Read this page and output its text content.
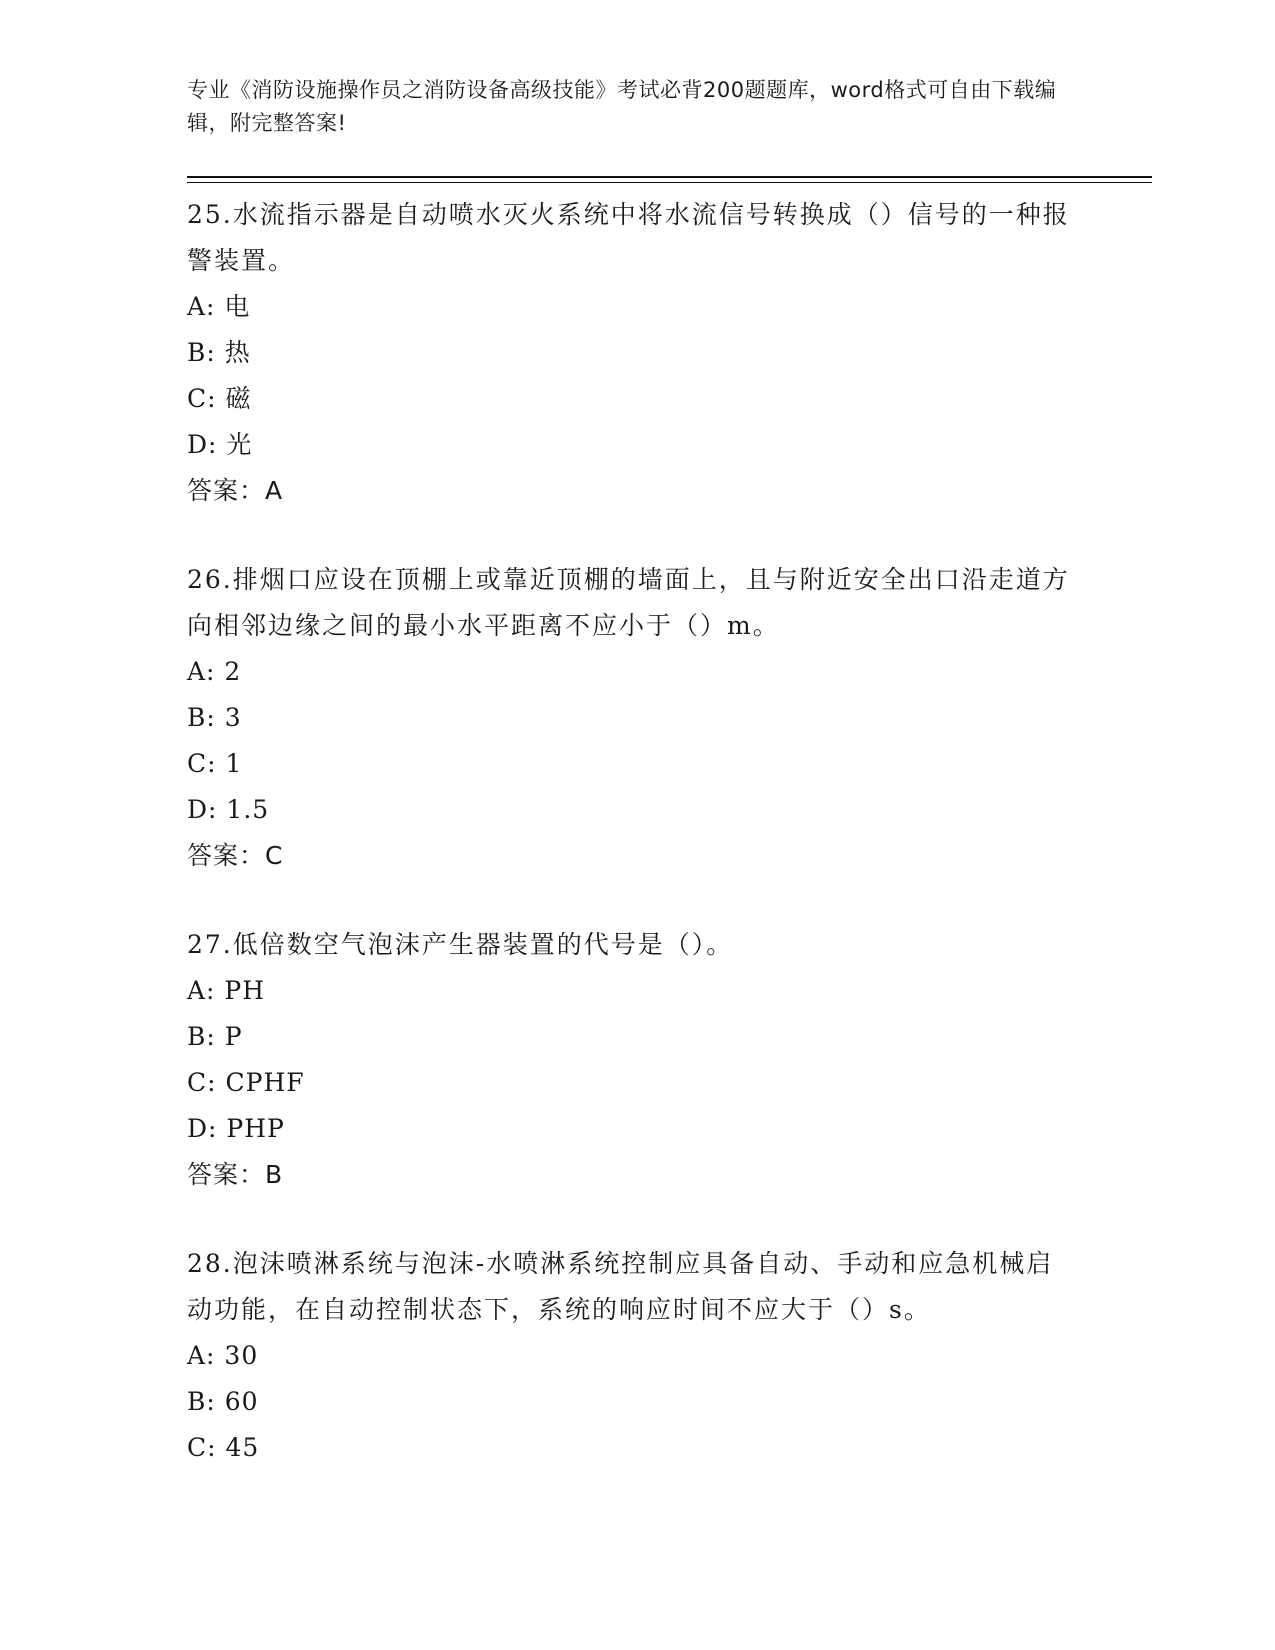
专业《消防设施操作员之消防设备高级技能》考试必背200题题库，word格式可自由下载编辑，附完整答案!
25.水流指示器是自动喷水灭火系统中将水流信号转换成（）信号的一种报警装置。
A: 电
B: 热
C: 磁
D: 光
答案：A
26.排烟口应设在顶棚上或靠近顶棚的墙面上，且与附近安全出口沿走道方向相邻边缘之间的最小水平距离不应小于（）m。
A: 2
B: 3
C: 1
D: 1.5
答案：C
27.低倍数空气泡沫产生器装置的代号是（）。
A: PH
B: P
C: CPHF
D: PHP
答案：B
28.泡沫喷淋系统与泡沫-水喷淋系统控制应具备自动、手动和应急机械启动功能，在自动控制状态下，系统的响应时间不应大于（）s。
A: 30
B: 60
C: 45
